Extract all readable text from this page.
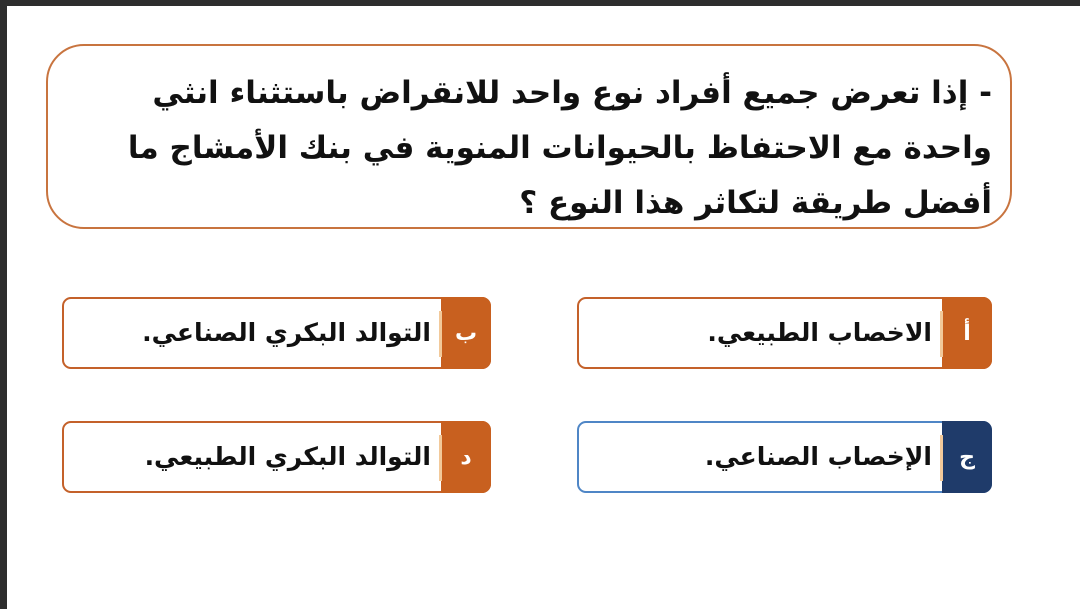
- إذا تعرض جميع أفراد نوع واحد للانقراض باستثناء انثي واحدة مع الاحتفاظ بالحيوانات المنوية في بنك الأمشاج ما أفضل طريقة لتكاثر هذا النوع ؟

أ
الاخصاب الطبيعي.
ب
التوالد البكري الصناعي.
ج
الإخصاب الصناعي.
د
التوالد البكري الطبيعي.
